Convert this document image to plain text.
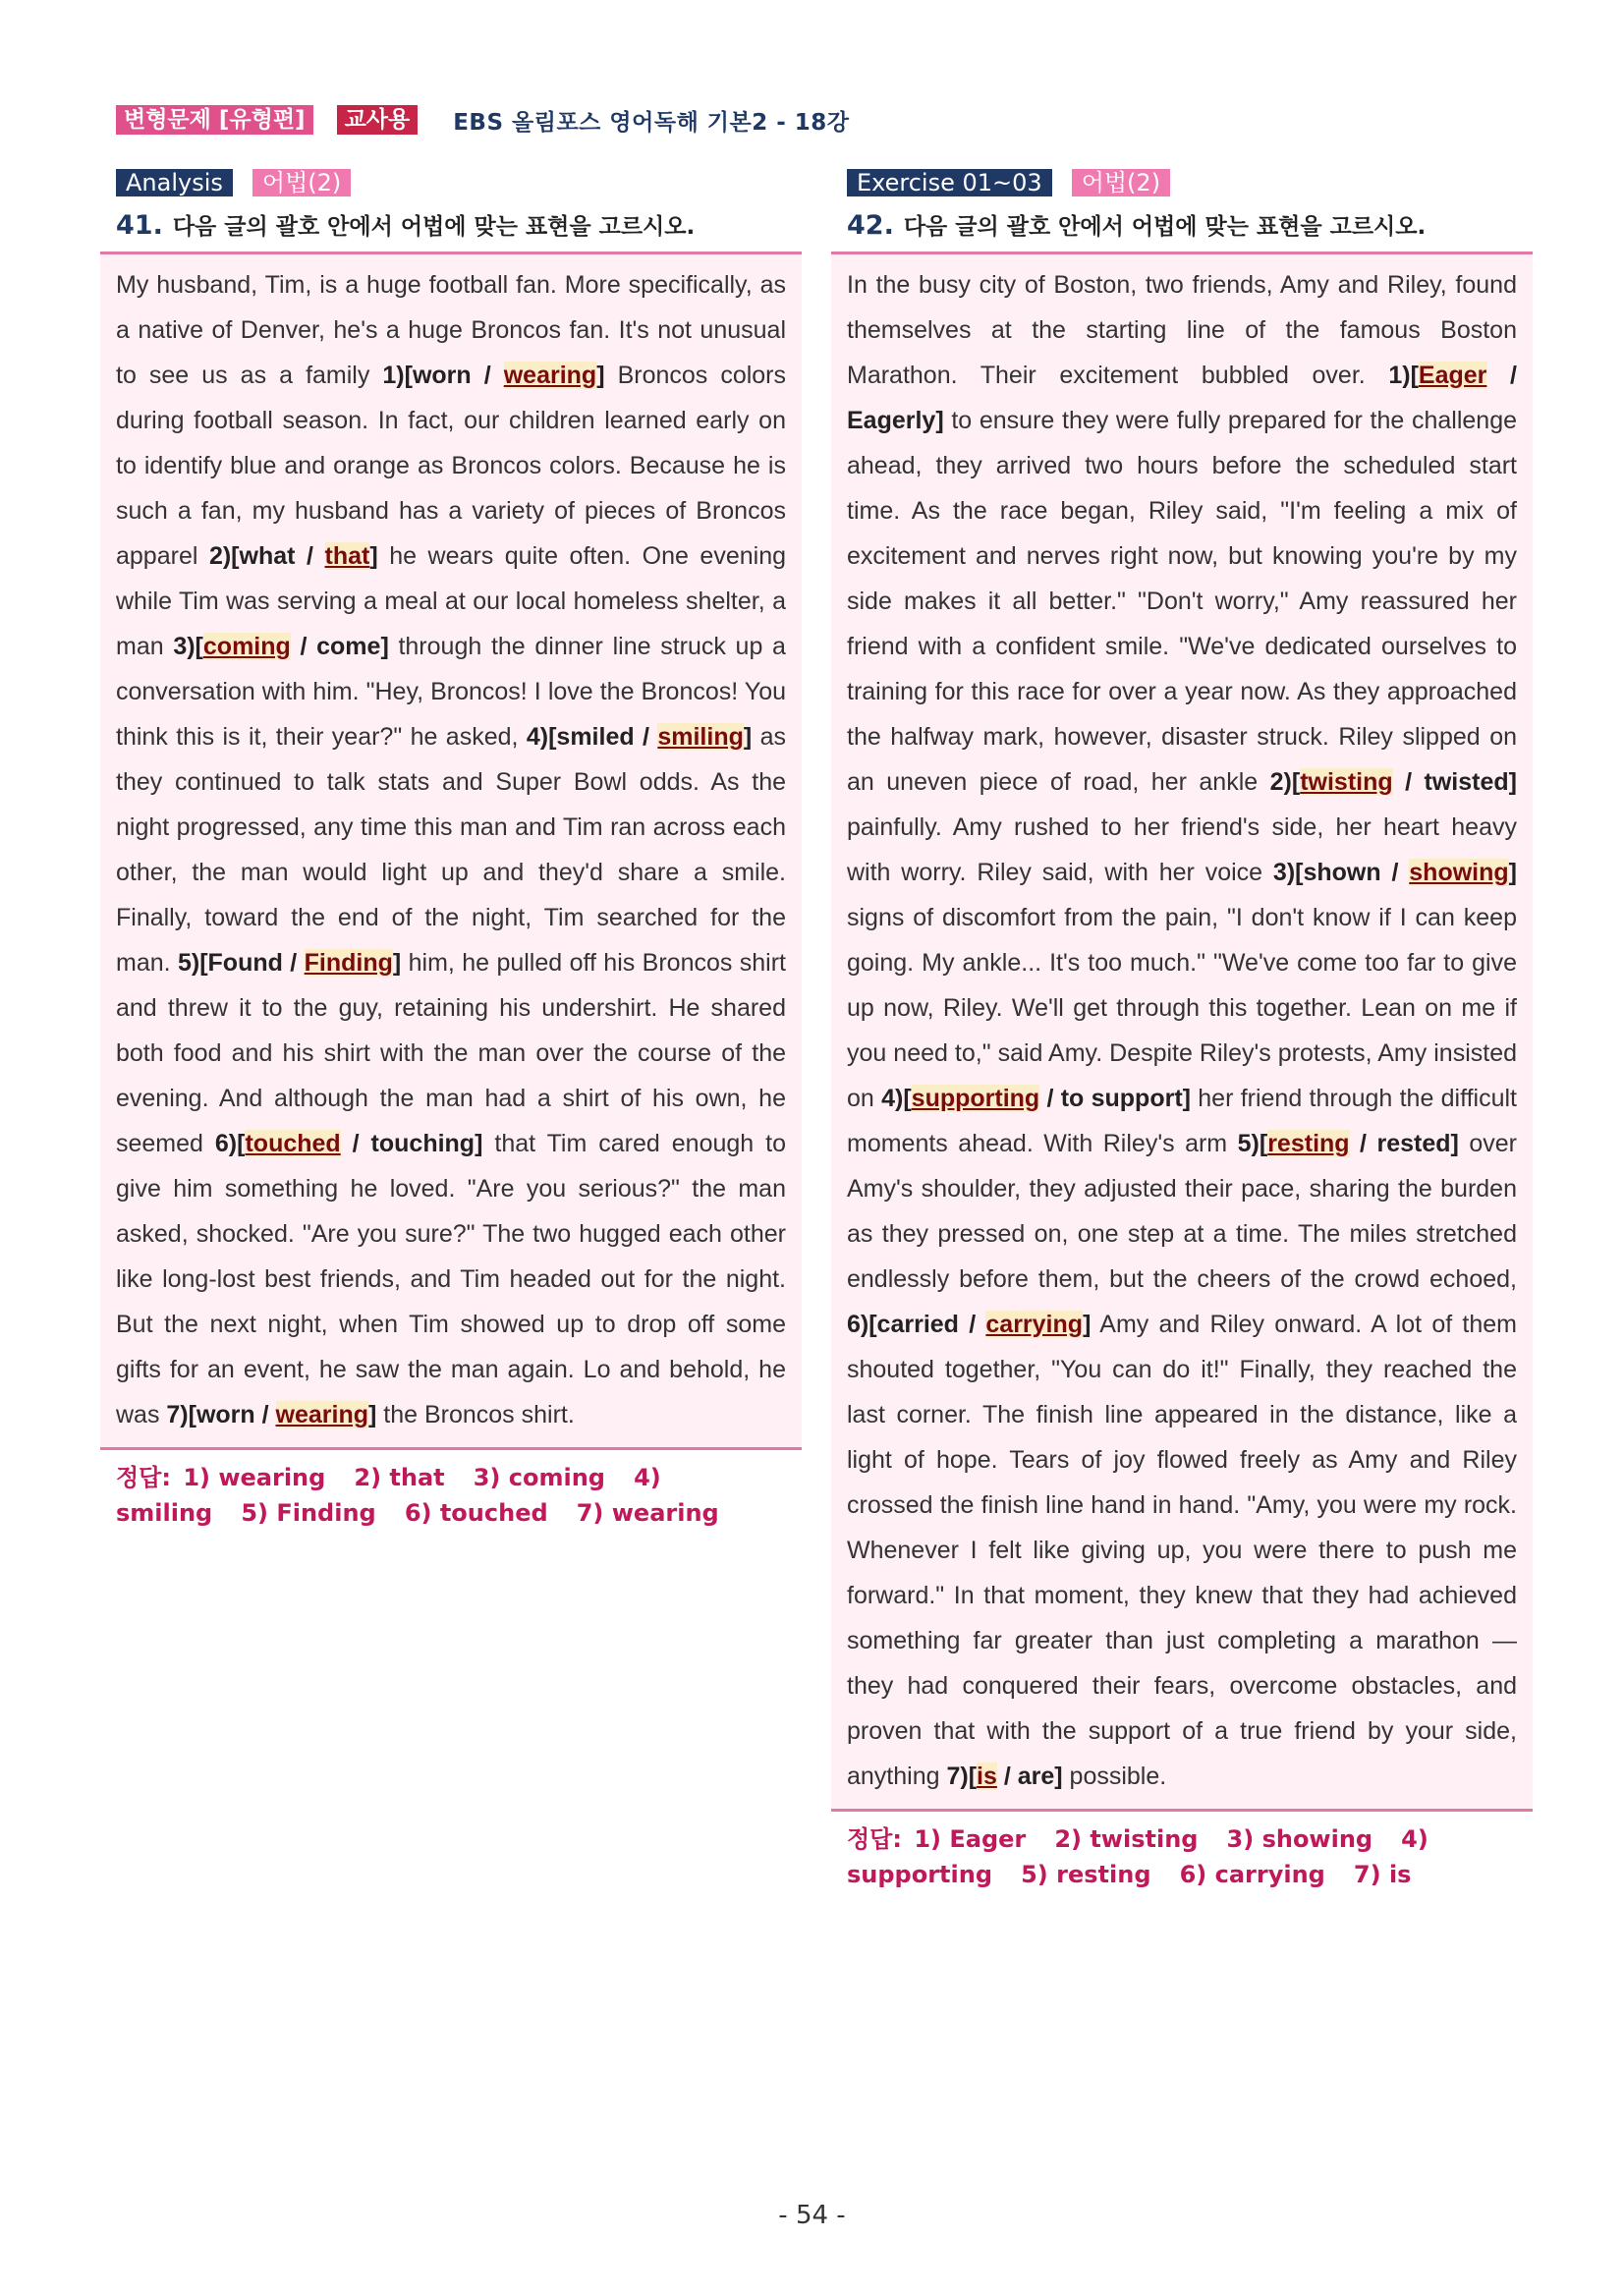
변형문제 [유형편]	교사용	EBS 올림포스 영어독해 기본2 - 18강
Analysis	어법(2)
41. 다음 글의 괄호 안에서 어법에 맞는 표현을 고르시오.

My husband, Tim, is a huge football fan. More specifically, as a native of Denver, he's a huge Broncos fan. It's not unusual to see us as a family 1)[worn / wearing] Broncos colors during football season. In fact, our children learned early on to identify blue and orange as Broncos colors. Because he is such a fan, my husband has a variety of pieces of Broncos apparel 2)[what / that] he wears quite often. One evening while Tim was serving a meal at our local homeless shelter, a man 3)[coming / come] through the dinner line struck up a conversation with him. "Hey, Broncos! I love the Broncos! You think this is it, their year?" he asked, 4)[smiled / smiling] as they continued to talk stats and Super Bowl odds. As the night progressed, any time this man and Tim ran across each other, the man would light up and they'd share a smile. Finally, toward the end of the night, Tim searched for the man. 5)[Found / Finding] him, he pulled off his Broncos shirt and threw it to the guy, retaining his undershirt. He shared both food and his shirt with the man over the course of the evening. And although the man had a shirt of his own, he seemed 6)[touched / touching] that Tim cared enough to give him something he loved. "Are you serious?" the man asked, shocked. "Are you sure?" The two hugged each other like long-lost best friends, and Tim headed out for the night. But the next night, when Tim showed up to drop off some gifts for an event, he saw the man again. Lo and behold, he was 7)[worn / wearing] the Broncos shirt.

정답: 1) wearing 2) that 3) coming 4) smiling 5) Finding 6) touched 7) wearing
Exercise 01~03	어법(2)
42. 다음 글의 괄호 안에서 어법에 맞는 표현을 고르시오.

In the busy city of Boston, two friends, Amy and Riley, found themselves at the starting line of the famous Boston Marathon. Their excitement bubbled over. 1)[Eager / Eagerly] to ensure they were fully prepared for the challenge ahead, they arrived two hours before the scheduled start time. As the race began, Riley said, "I'm feeling a mix of excitement and nerves right now, but knowing you're by my side makes it all better." "Don't worry," Amy reassured her friend with a confident smile. "We've dedicated ourselves to training for this race for over a year now. As they approached the halfway mark, however, disaster struck. Riley slipped on an uneven piece of road, her ankle 2)[twisting / twisted] painfully. Amy rushed to her friend's side, her heart heavy with worry. Riley said, with her voice 3)[shown / showing] signs of discomfort from the pain, "I don't know if I can keep going. My ankle... It's too much." "We've come too far to give up now, Riley. We'll get through this together. Lean on me if you need to," said Amy. Despite Riley's protests, Amy insisted on 4)[supporting / to support] her friend through the difficult moments ahead. With Riley's arm 5)[resting / rested] over Amy's shoulder, they adjusted their pace, sharing the burden as they pressed on, one step at a time. The miles stretched endlessly before them, but the cheers of the crowd echoed, 6)[carried / carrying] Amy and Riley onward. A lot of them shouted together, "You can do it!" Finally, they reached the last corner. The finish line appeared in the distance, like a light of hope. Tears of joy flowed freely as Amy and Riley crossed the finish line hand in hand. "Amy, you were my rock. Whenever I felt like giving up, you were there to push me forward." In that moment, they knew that they had achieved something far greater than just completing a marathon — they had conquered their fears, overcome obstacles, and proven that with the support of a true friend by your side, anything 7)[is / are] possible.

정답: 1) Eager 2) twisting 3) showing 4) supporting 5) resting 6) carrying 7) is
- 54 -
